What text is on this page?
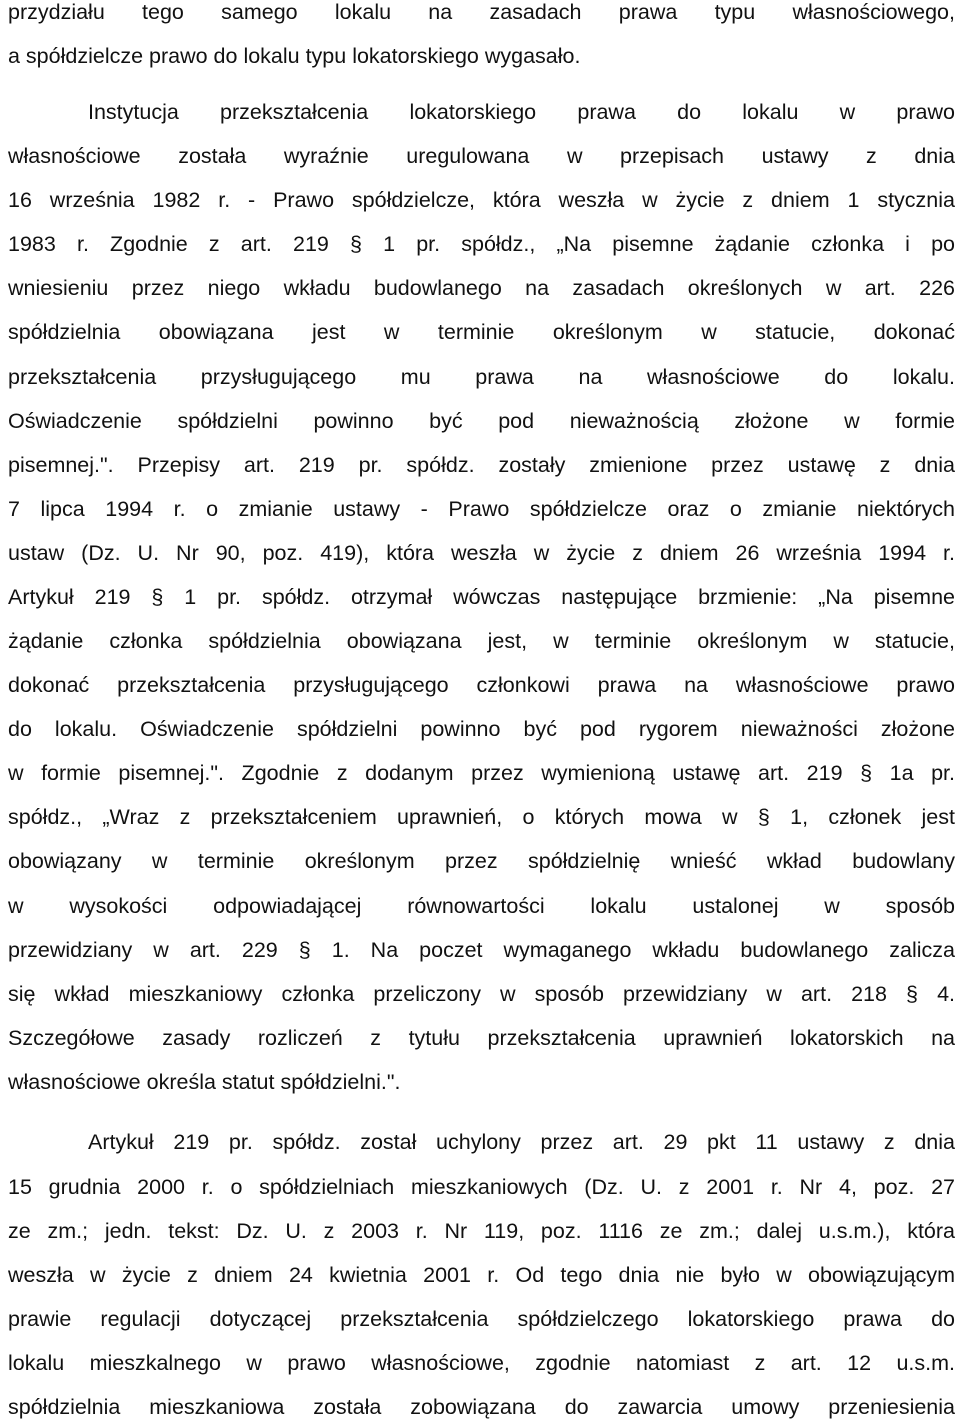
przydziału tego samego lokalu na zasadach prawa typu własnościowego,
a spółdzielcze prawo do lokalu typu lokatorskiego wygasało.
Instytucja przekształcenia lokatorskiego prawa do lokalu w prawo
własnościowe została wyraźnie uregulowana w przepisach ustawy z dnia
16 września 1982 r. - Prawo spółdzielcze, która weszła w życie z dniem 1 stycznia
1983 r. Zgodnie z art. 219 § 1 pr. spółdz., „Na pisemne żądanie członka i po
wniesieniu przez niego wkładu budowlanego na zasadach określonych w art. 226
spółdzielnia obowiązana jest w terminie określonym w statucie, dokonać
przekształcenia przysługującego mu prawa na własnościowe do lokalu.
Oświadczenie spółdzielni powinno być pod nieważnością złożone w formie
pisemnej.". Przepisy art. 219 pr. spółdz. zostały zmienione przez ustawę z dnia
7 lipca 1994 r. o zmianie ustawy - Prawo spółdzielcze oraz o zmianie niektórych
ustaw (Dz. U. Nr 90, poz. 419), która weszła w życie z dniem 26 września 1994 r.
Artykuł 219 § 1 pr. spółdz. otrzymał wówczas następujące brzmienie: „Na pisemne
żądanie członka spółdzielnia obowiązana jest, w terminie określonym w statucie,
dokonać przekształcenia przysługującego członkowi prawa na własnościowe prawo
do lokalu. Oświadczenie spółdzielni powinno być pod rygorem nieważności złożone
w formie pisemnej.". Zgodnie z dodanym przez wymienioną ustawę art. 219 § 1a pr.
spółdz., „Wraz z przekształceniem uprawnień, o których mowa w § 1, członek jest
obowiązany w terminie określonym przez spółdzielnię wnieść wkład budowlany
w wysokości odpowiadającej równowartości lokalu ustalonej w sposób
przewidziany w art. 229 § 1. Na poczet wymaganego wkładu budowlanego zalicza
się wkład mieszkaniowy członka przeliczony w sposób przewidziany w art. 218 § 4.
Szczegółowe zasady rozliczeń z tytułu przekształcenia uprawnień lokatorskich na
własnościowe określa statut spółdzielni.".
Artykuł 219 pr. spółdz. został uchylony przez art. 29 pkt 11 ustawy z dnia
15 grudnia 2000 r. o spółdzielniach mieszkaniowych (Dz. U. z 2001 r. Nr 4, poz. 27
ze zm.; jedn. tekst: Dz. U. z 2003 r. Nr 119, poz. 1116 ze zm.; dalej u.s.m.), która
weszła w życie z dniem 24 kwietnia 2001 r. Od tego dnia nie było w obowiązującym
prawie regulacji dotyczącej przekształcenia spółdzielczego lokatorskiego prawa do
lokalu mieszkalnego w prawo własnościowe, zgodnie natomiast z art. 12 u.s.m.
spółdzielnia mieszkaniowa została zobowiązana do zawarcia umowy przeniesienia
